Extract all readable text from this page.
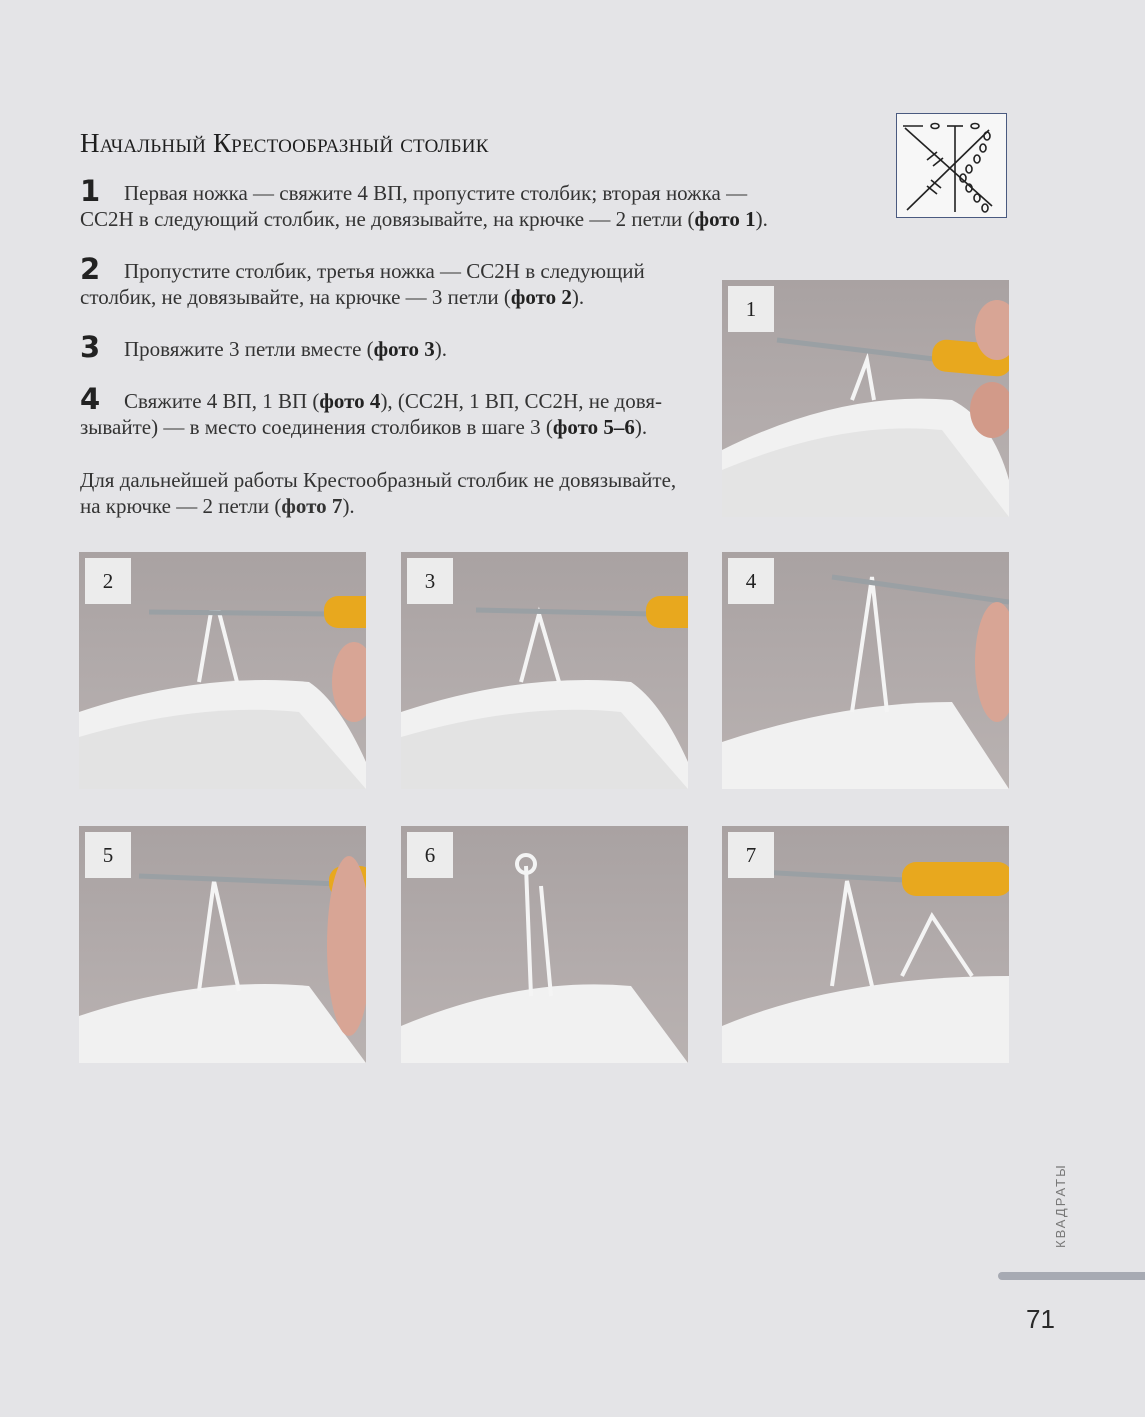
Начальный Крестообразный столбик
1 Первая ножка — свяжите 4 ВП, пропустите столбик; вторая ножка —
СС2Н в следующий столбик, не довязывайте, на крючке — 2 петли (фото 1).
2 Пропустите столбик, третья ножка — СС2Н в следующий
столбик, не довязывайте, на крючке — 3 петли (фото 2).
3 Провяжите 3 петли вместе (фото 3).
4 Свяжите 4 ВП, 1 ВП (фото 4), (СС2Н, 1 ВП, СС2Н, не довя-
зывайте) — в место соединения столбиков в шаге 3 (фото 5–6).
Для дальнейшей работы Крестообразный столбик не довязывайте,
на крючке — 2 петли (фото 7).
1
2	3	4
5	6	7
КВАДРАТЫ
71
